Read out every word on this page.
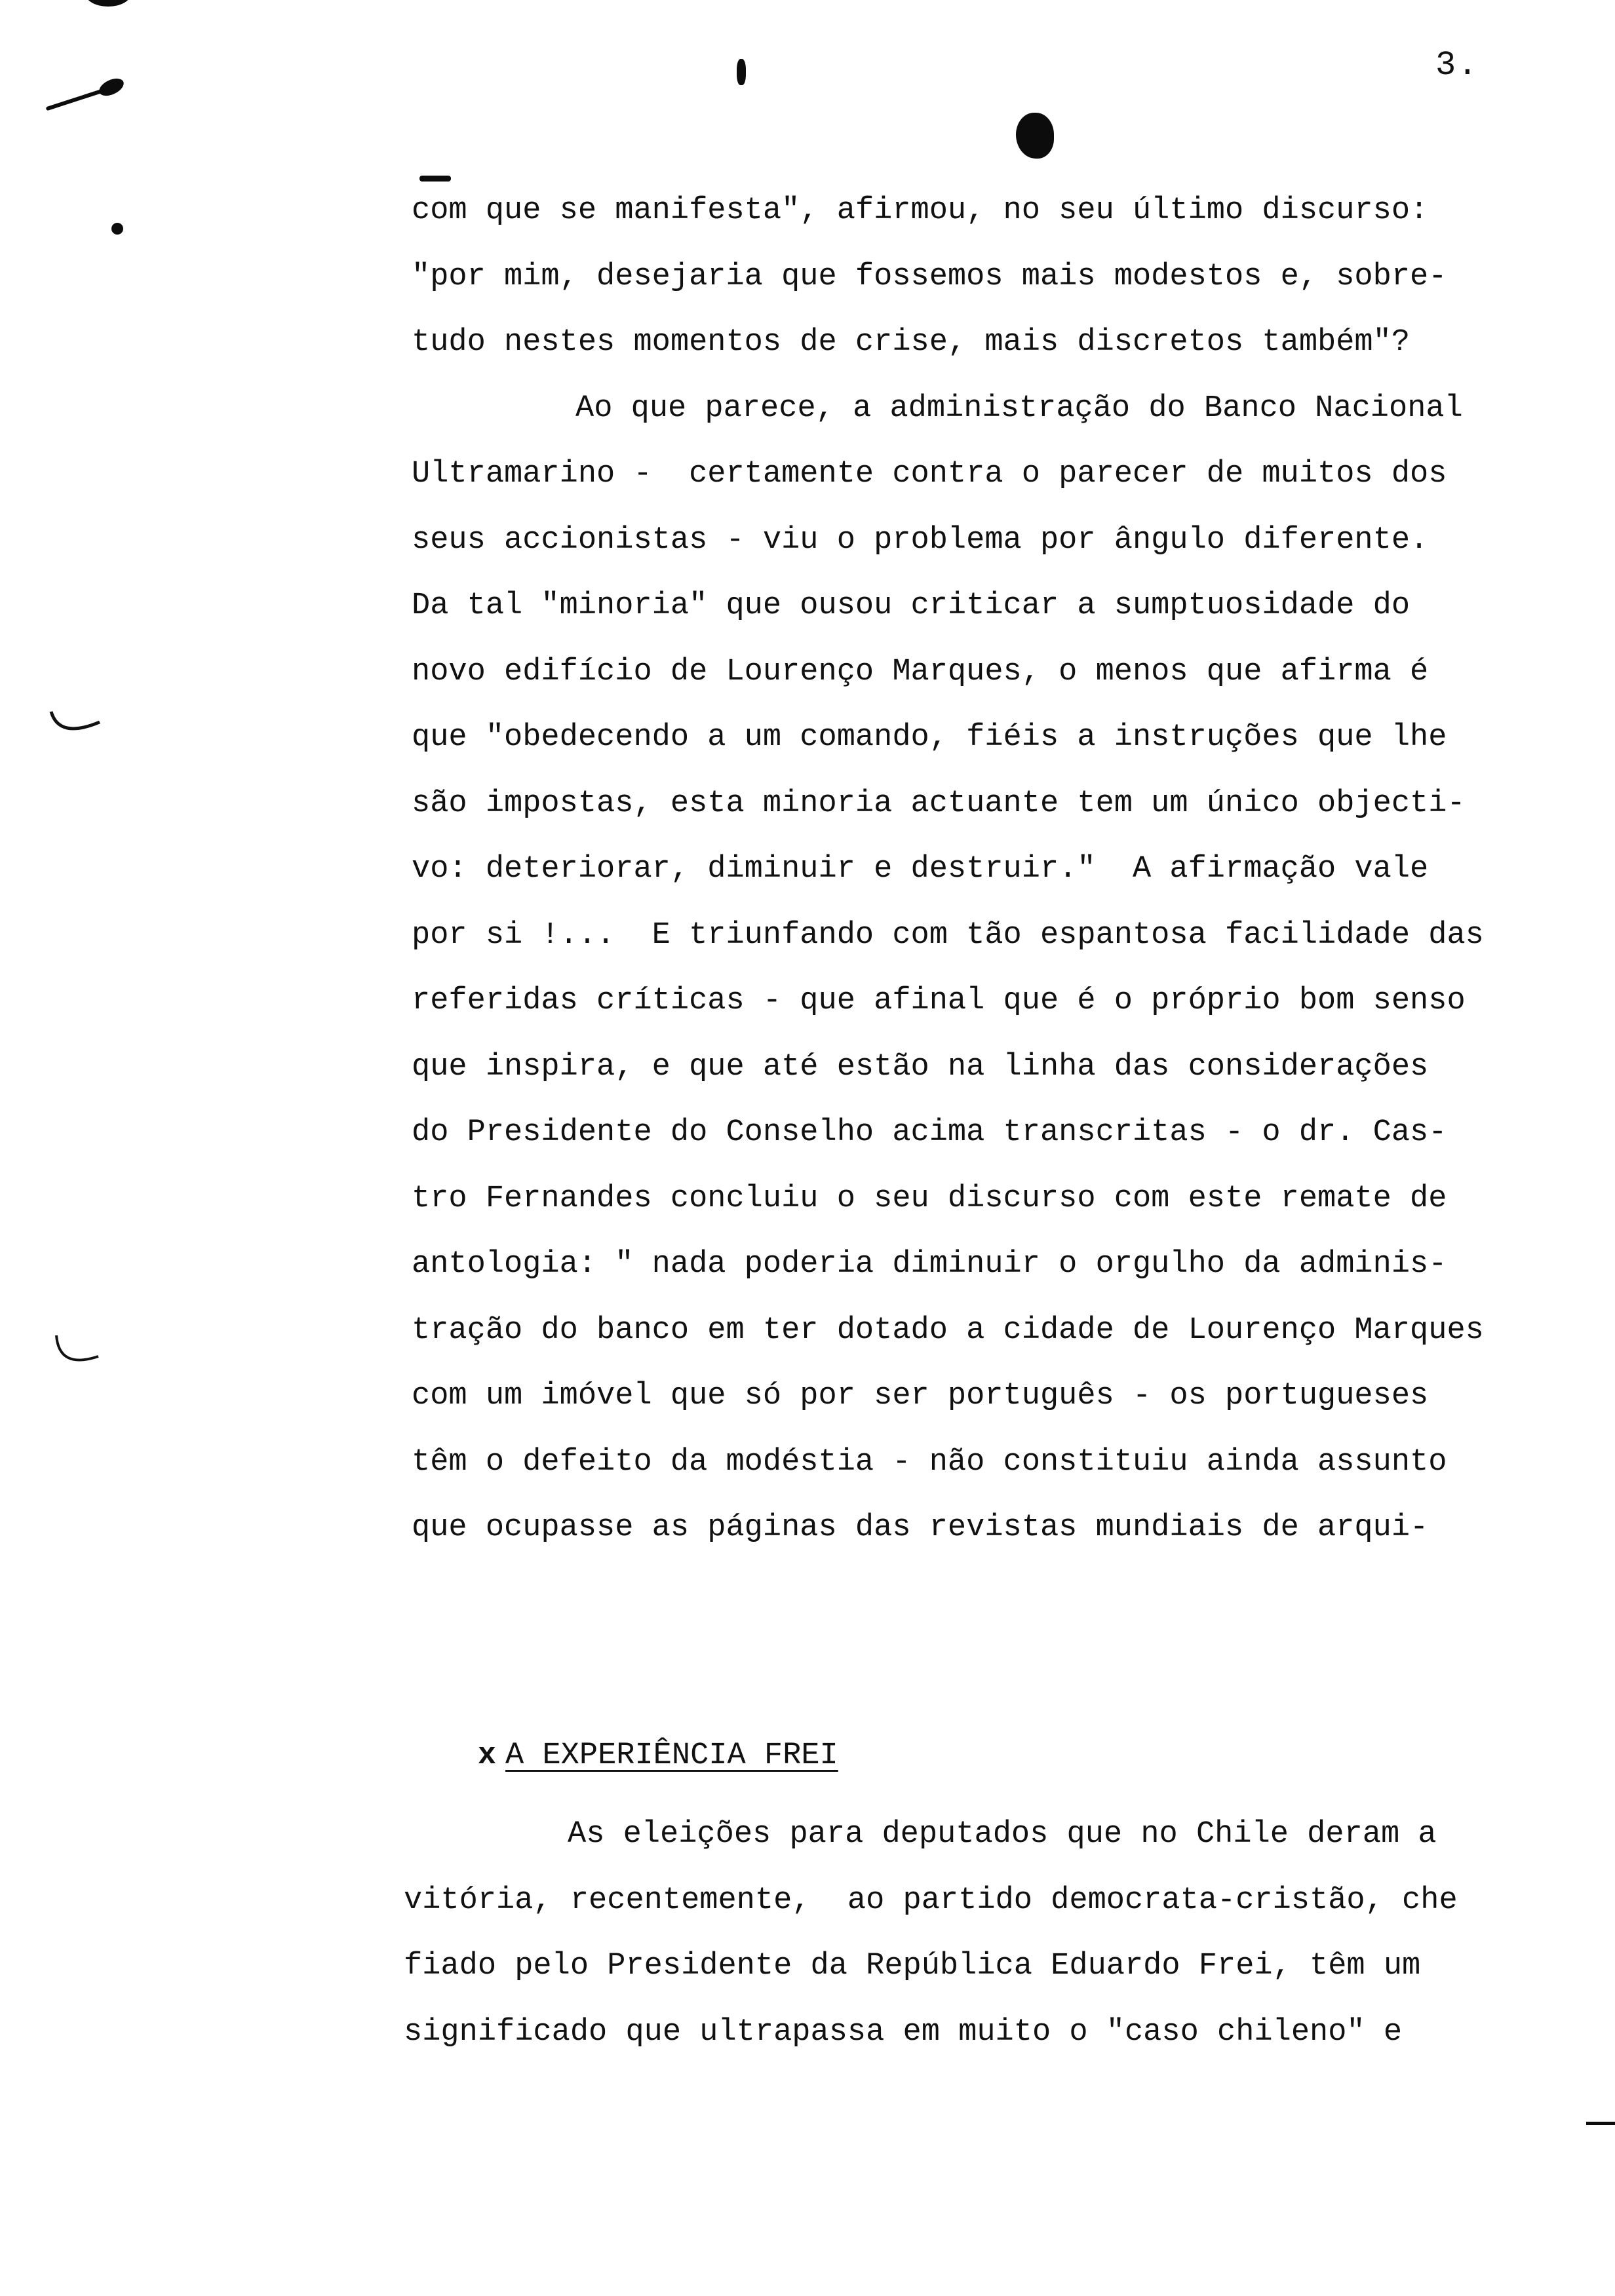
3.
com que se manifesta", afirmou, no seu último discurso:
"por mim, desejaria que fossemos mais modestos e, sobre-
tudo nestes momentos de crise, mais discretos também"?
Ao que parece, a administração do Banco Nacional
Ultramarino -  certamente contra o parecer de muitos dos
seus accionistas - viu o problema por ângulo diferente.
Da tal "minoria" que ousou criticar a sumptuosidade do
novo edifício de Lourenço Marques, o menos que afirma é
que "obedecendo a um comando, fiéis a instruções que lhe
são impostas, esta minoria actuante tem um único objecti-
vo: deteriorar, diminuir e destruir."  A afirmação vale
por si !...  E triunfando com tão espantosa facilidade das
referidas críticas - que afinal que é o próprio bom senso
que inspira, e que até estão na linha das considerações
do Presidente do Conselho acima transcritas - o dr. Cas-
tro Fernandes concluiu o seu discurso com este remate de
antologia: " nada poderia diminuir o orgulho da adminis-
tração do banco em ter dotado a cidade de Lourenço Marques
com um imóvel que só por ser português - os portugueses
têm o defeito da modéstia - não constituiu ainda assunto
que ocupasse as páginas das revistas mundiais de arqui-

x A EXPERIÊNCIA FREI

As eleições para deputados que no Chile deram a
vitória, recentemente,  ao partido democrata-cristão, che
fiado pelo Presidente da República Eduardo Frei, têm um
significado que ultrapassa em muito o "caso chileno" e
